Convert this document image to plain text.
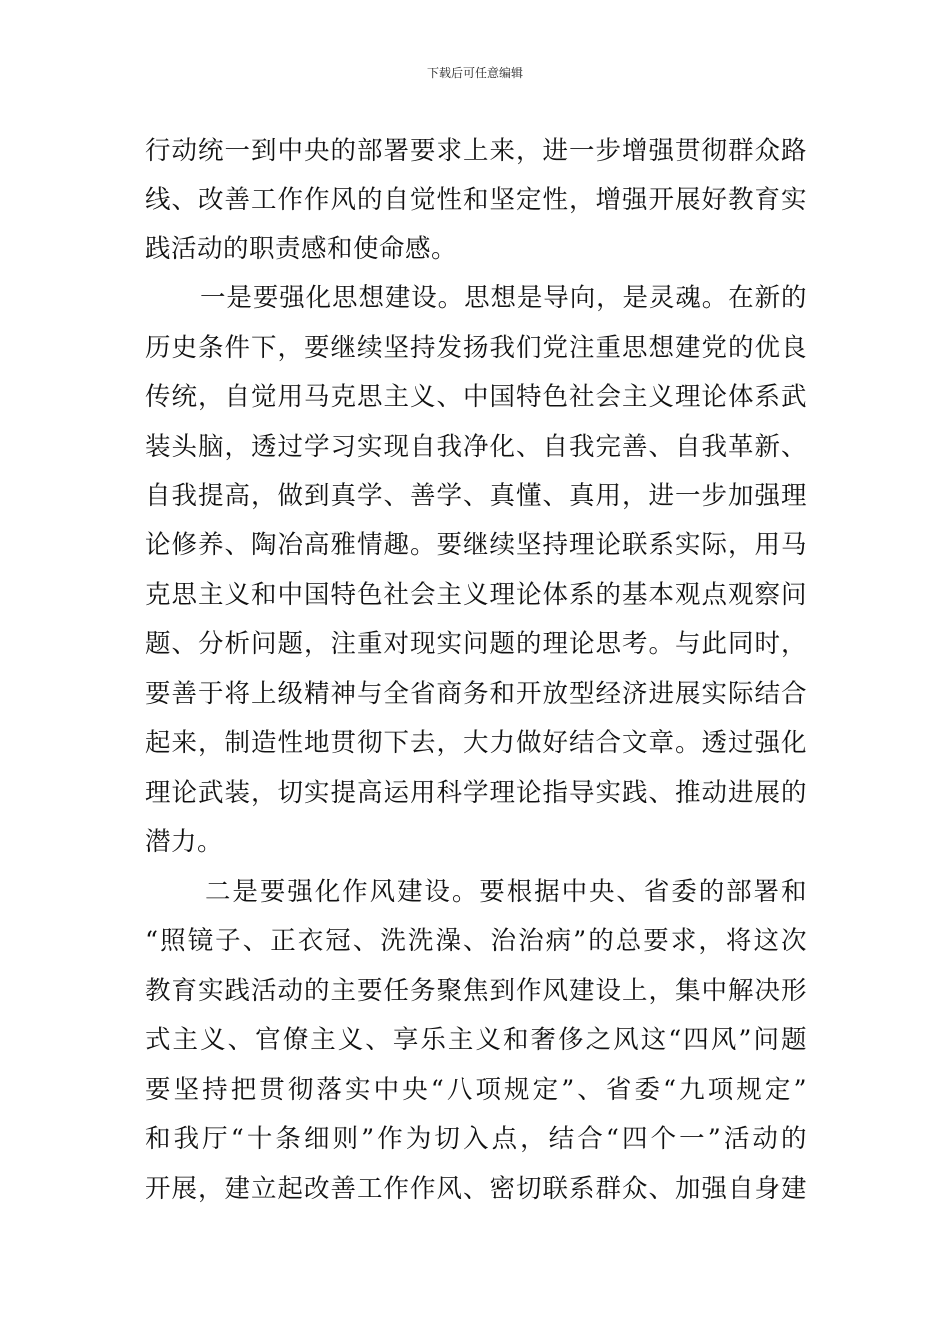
下载后可任意编辑
行动统一到中央的部署要求上来，进一步增强贯彻群众路
线、改善工作作风的自觉性和坚定性，增强开展好教育实
践活动的职责感和使命感。
一是要强化思想建设。思想是导向，是灵魂。在新的
历史条件下，要继续坚持发扬我们党注重思想建党的优良
传统，自觉用马克思主义、中国特色社会主义理论体系武
装头脑，透过学习实现自我净化、自我完善、自我革新、
自我提高，做到真学、善学、真懂、真用，进一步加强理
论修养、陶冶高雅情趣。要继续坚持理论联系实际，用马
克思主义和中国特色社会主义理论体系的基本观点观察问
题、分析问题，注重对现实问题的理论思考。与此同时，
要善于将上级精神与全省商务和开放型经济进展实际结合
起来，制造性地贯彻下去，大力做好结合文章。透过强化
理论武装，切实提高运用科学理论指导实践、推动进展的
潜力。
二是要强化作风建设。要根据中央、省委的部署和
“照镜子、正衣冠、洗洗澡、治治病”的总要求，将这次
教育实践活动的主要任务聚焦到作风建设上，集中解决形
式主义、官僚主义、享乐主义和奢侈之风这“四风”问题
要坚持把贯彻落实中央“八项规定”、省委“九项规定”
和我厅“十条细则”作为切入点，结合“四个一”活动的
开展，建立起改善工作作风、密切联系群众、加强自身建
